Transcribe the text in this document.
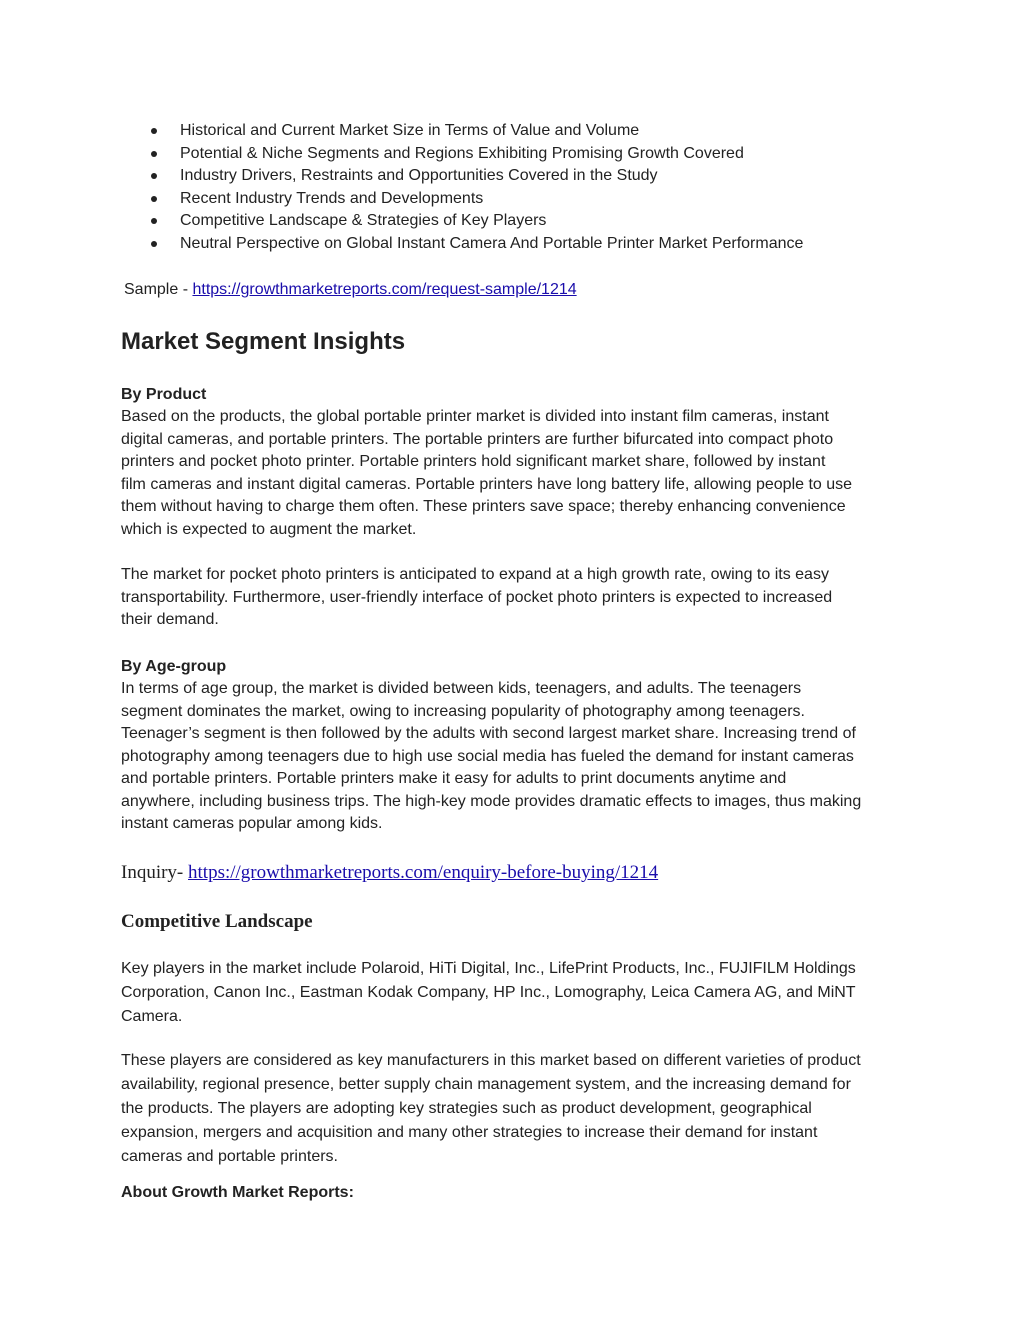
Historical and Current Market Size in Terms of Value and Volume
Potential & Niche Segments and Regions Exhibiting Promising Growth Covered
Industry Drivers, Restraints and Opportunities Covered in the Study
Recent Industry Trends and Developments
Competitive Landscape & Strategies of Key Players
Neutral Perspective on Global Instant Camera And Portable Printer Market Performance
Sample - https://growthmarketreports.com/request-sample/1214
Market Segment Insights
By Product

Based on the products, the global portable printer market is divided into instant film cameras, instant
digital cameras, and portable printers. The portable printers are further bifurcated into compact photo
printers and pocket photo printer. Portable printers hold significant market share, followed by instant
film cameras and instant digital cameras. Portable printers have long battery life, allowing people to use
them without having to charge them often. These printers save space; thereby enhancing convenience
which is expected to augment the market.

The market for pocket photo printers is anticipated to expand at a high growth rate, owing to its easy
transportability. Furthermore, user-friendly interface of pocket photo printers is expected to increased
their demand.

By Age-group

In terms of age group, the market is divided between kids, teenagers, and adults. The teenagers
segment dominates the market, owing to increasing popularity of photography among teenagers.
Teenager’s segment is then followed by the adults with second largest market share. Increasing trend of
photography among teenagers due to high use social media has fueled the demand for instant cameras
and portable printers. Portable printers make it easy for adults to print documents anytime and
anywhere, including business trips. The high-key mode provides dramatic effects to images, thus making
instant cameras popular among kids.

Inquiry- https://growthmarketreports.com/enquiry-before-buying/1214
Competitive Landscape

Key players in the market include Polaroid, HiTi Digital, Inc., LifePrint Products, Inc., FUJIFILM Holdings
Corporation, Canon Inc., Eastman Kodak Company, HP Inc., Lomography, Leica Camera AG, and MiNT
Camera.

These players are considered as key manufacturers in this market based on different varieties of product
availability, regional presence, better supply chain management system, and the increasing demand for
the products. The players are adopting key strategies such as product development, geographical
expansion, mergers and acquisition and many other strategies to increase their demand for instant
cameras and portable printers.

About Growth Market Reports:
